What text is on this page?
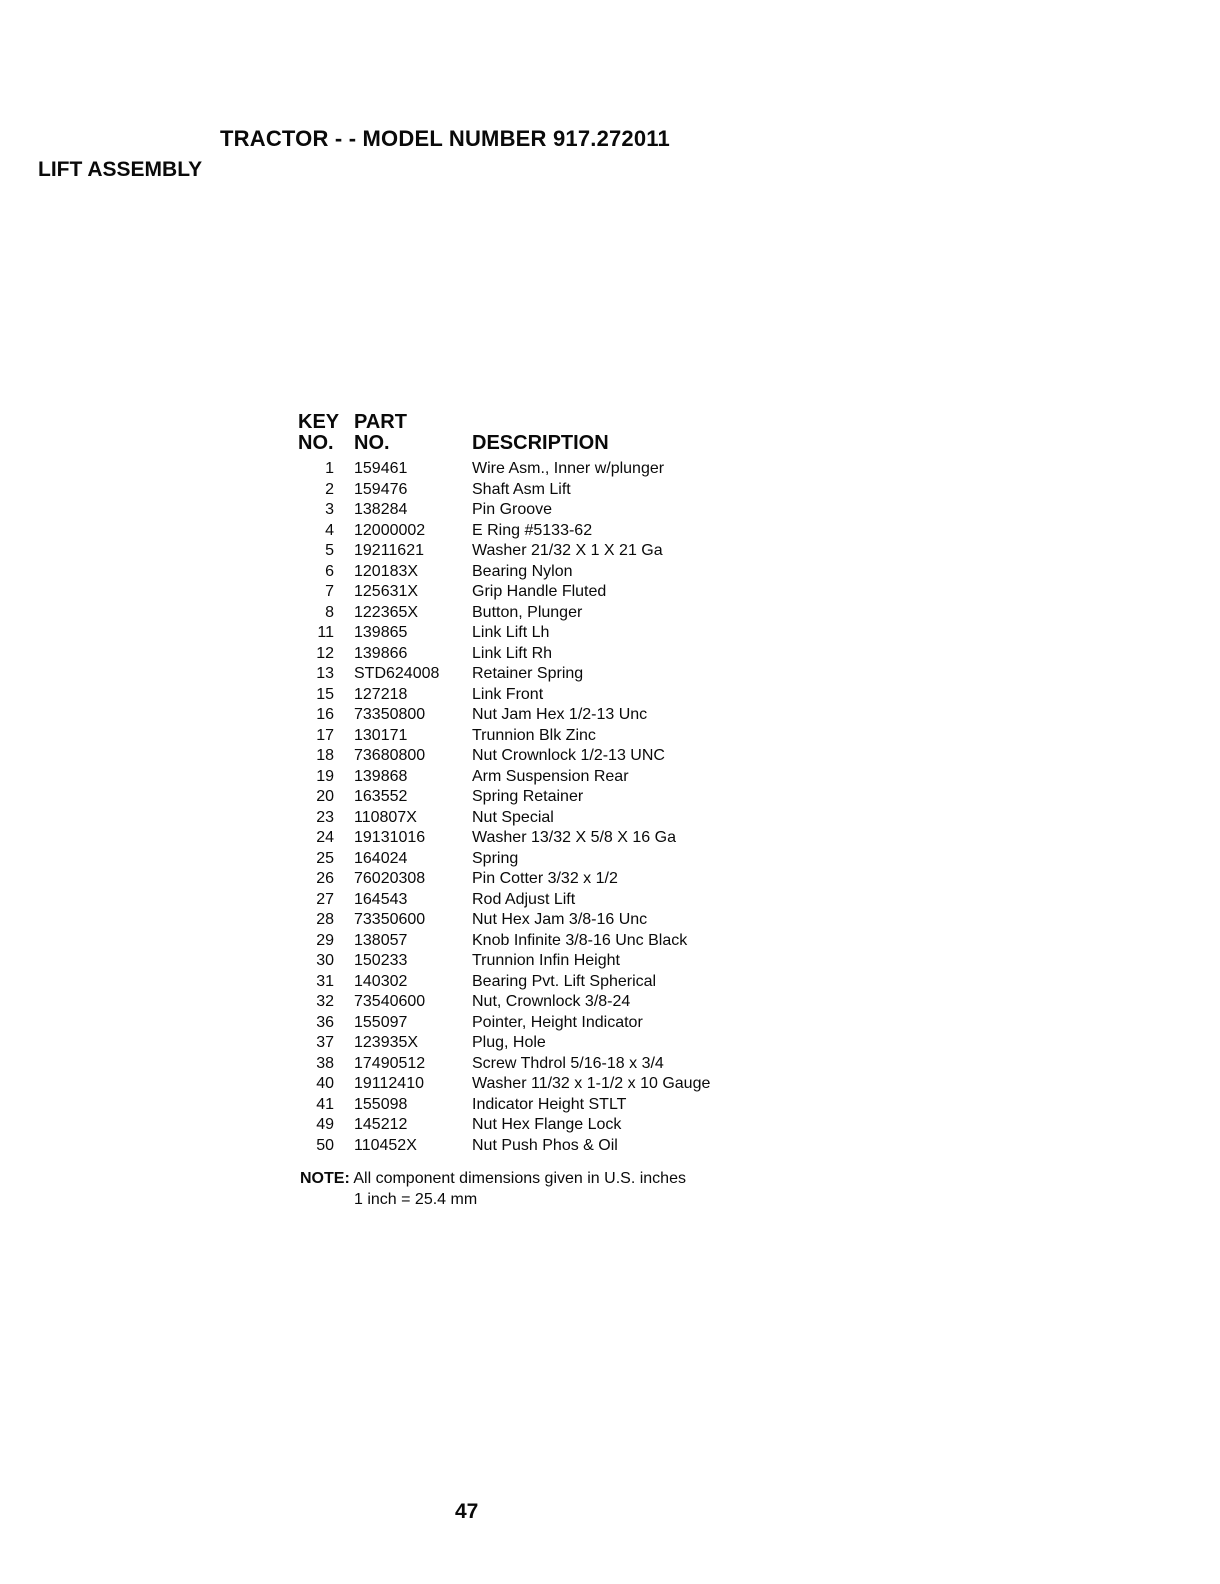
TRACTOR - - MODEL NUMBER 917.272011
LIFT ASSEMBLY
KEY	PART	
NO.	NO.	DESCRIPTION
1	159461	Wire Asm., Inner w/plunger
2	159476	Shaft Asm Lift
3	138284	Pin Groove
4	12000002	E Ring #5133-62
5	19211621	Washer 21/32 X 1 X 21 Ga
6	120183X	Bearing Nylon
7	125631X	Grip Handle Fluted
8	122365X	Button, Plunger
11	139865	Link Lift Lh
12	139866	Link Lift Rh
13	STD624008	Retainer Spring
15	127218	Link Front
16	73350800	Nut Jam Hex 1/2-13 Unc
17	130171	Trunnion Blk Zinc
18	73680800	Nut Crownlock 1/2-13 UNC
19	139868	Arm Suspension Rear
20	163552	Spring Retainer
23	110807X	Nut Special
24	19131016	Washer 13/32 X 5/8 X 16 Ga
25	164024	Spring
26	76020308	Pin Cotter 3/32 x 1/2
27	164543	Rod Adjust Lift
28	73350600	Nut Hex Jam 3/8-16 Unc
29	138057	Knob Infinite 3/8-16 Unc Black
30	150233	Trunnion Infin Height
31	140302	Bearing Pvt. Lift Spherical
32	73540600	Nut, Crownlock 3/8-24
36	155097	Pointer, Height Indicator
37	123935X	Plug, Hole
38	17490512	Screw Thdrol 5/16-18 x 3/4
40	19112410	Washer 11/32 x 1-1/2 x 10 Gauge
41	155098	Indicator Height STLT
49	145212	Nut Hex Flange Lock
50	110452X	Nut Push Phos & Oil
NOTE: All component dimensions given in U.S. inches
1 inch = 25.4 mm
47
